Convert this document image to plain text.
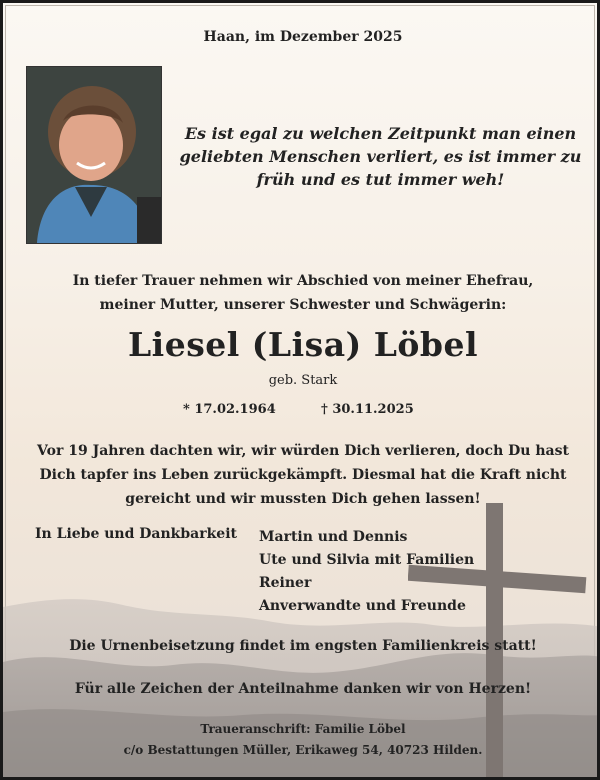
Haan, im Dezember 2025

Es ist egal zu welchen Zeitpunkt man einen
geliebten Menschen verliert, es ist immer zu
früh und es tut immer weh!
In tiefer Trauer nehmen wir Abschied von meiner Ehefrau,
meiner Mutter, unserer Schwester und Schwägerin:

Liesel (Lisa) Löbel

geb. Stark

* 17.02.1964	† 30.11.2025

Vor 19 Jahren dachten wir, wir würden Dich verlieren, doch Du hast
Dich tapfer ins Leben zurückgekämpft. Diesmal hat die Kraft nicht
gereicht und wir mussten Dich gehen lassen!

In Liebe und Dankbarkeit Martin und Dennis
Ute und Silvia mit Familien
Reiner
Anverwandte und Freunde

Die Urnenbeisetzung findet im engsten Familienkreis statt!

Für alle Zeichen der Anteilnahme danken wir von Herzen!

Traueranschrift: Familie Löbel
c/o Bestattungen Müller, Erikaweg 54, 40723 Hilden.
